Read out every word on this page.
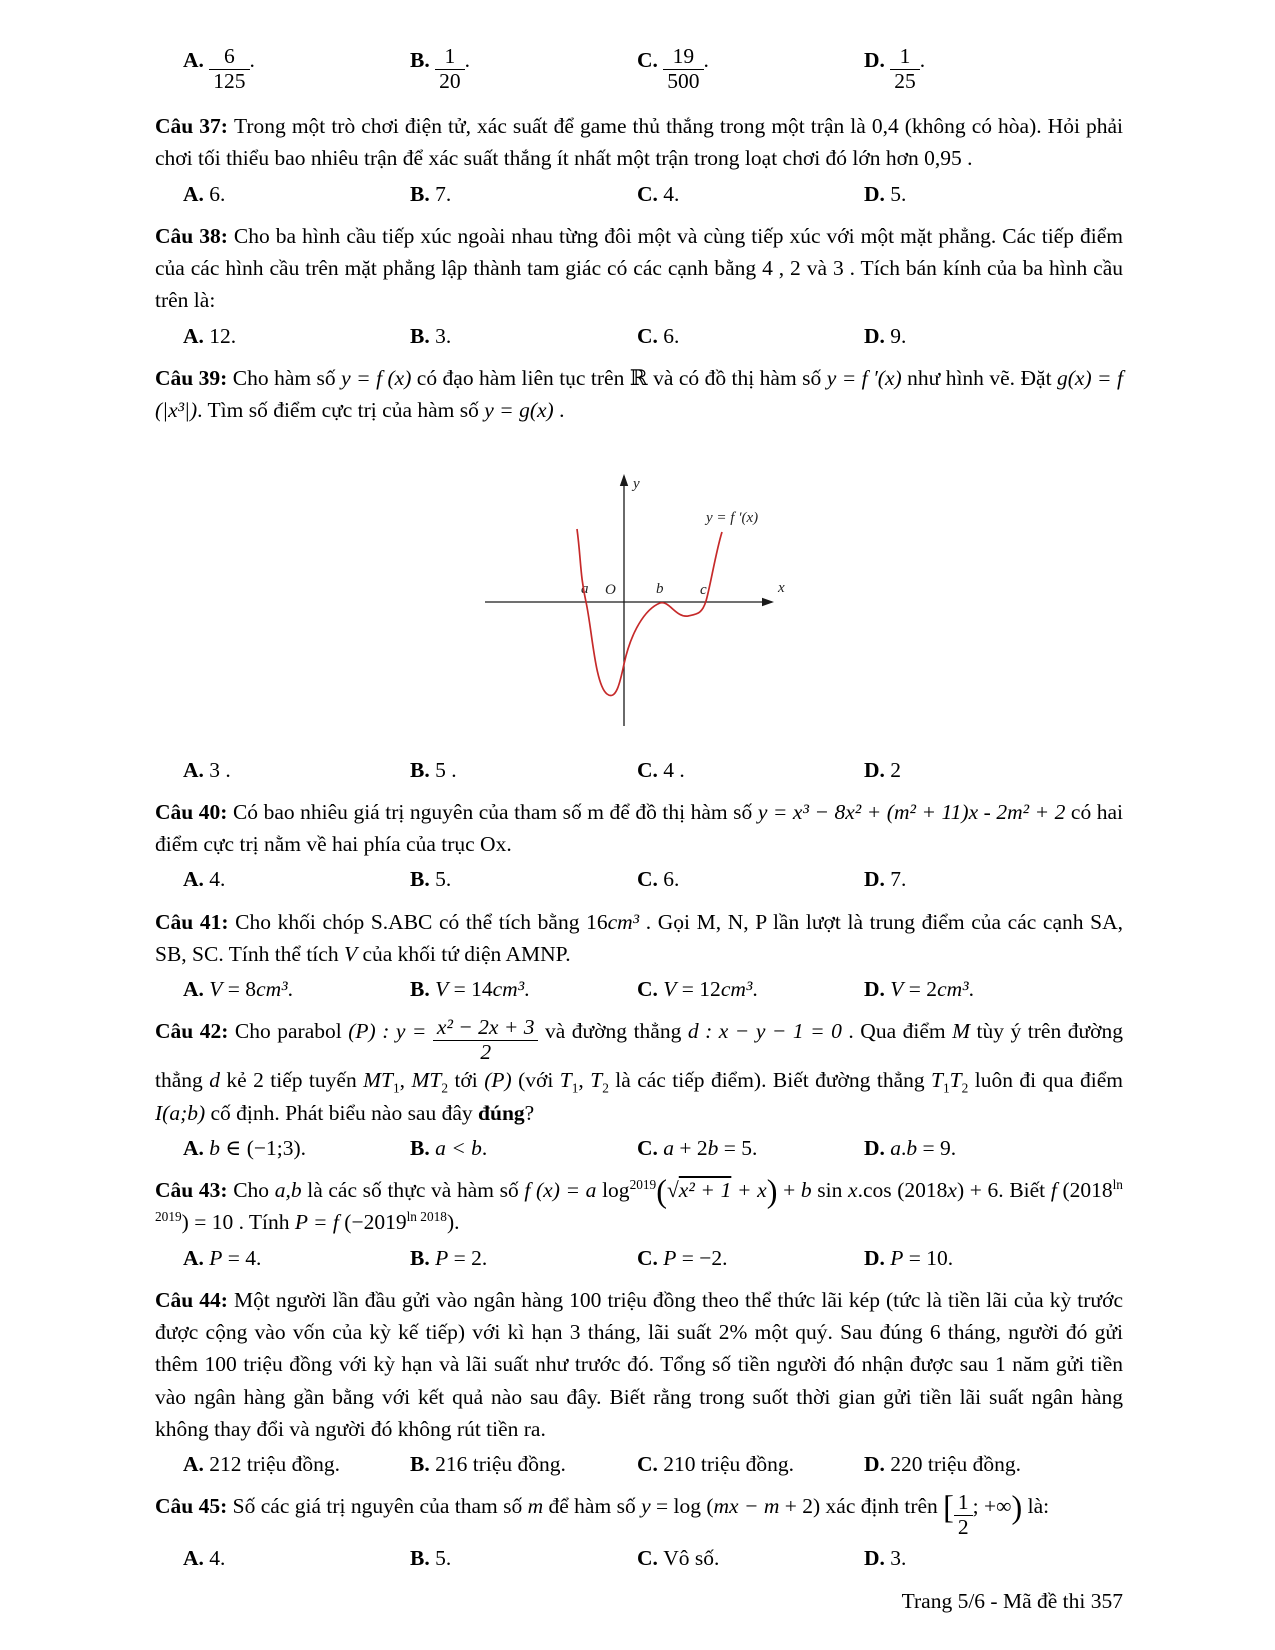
A. $\frac{6}{125}$ .	B. $\frac{1}{20}$ .	C. $\frac{19}{500}$ .	D. $\frac{1}{25}$ .

Câu 37: Trong một trò chơi điện tử, xác suất để game thủ thắng trong một trận là 0,4 (không có hòa). Hỏi phải chơi tối thiểu bao nhiêu trận để xác suất thắng ít nhất một trận trong loạt chơi đó lớn hơn 0,95 .

A. 6.	B. 7.	C. 4.	D. 5.

Câu 38: Cho ba hình cầu tiếp xúc ngoài nhau từng đôi một và cùng tiếp xúc với một mặt phẳng. Các tiếp điểm của các hình cầu trên mặt phẳng lập thành tam giác có các cạnh bằng 4 , 2 và 3 . Tích bán kính của ba hình cầu trên là:

A. 12.	B. 3.	C. 6.	D. 9.

Câu 39: Cho hàm số y = f (x) có đạo hàm liên tục trên ℝ và có đồ thị hàm số y = f ′(x) như hình vẽ. Đặt g(x) = f (|x³|). Tìm số điểm cực trị của hàm số y = g(x) .

x
y
O
a	b c
y = f ′(x)
A. 3 .	B. 5 .	C. 4 .	D. 2

Câu 40: Có bao nhiêu giá trị nguyên của tham số m để đồ thị hàm số y = x³ − 8x² + (m² + 11)x - 2m² + 2 có hai điểm cực trị nằm về hai phía của trục Ox.

A. 4.	B. 5.	C. 6.	D. 7.

Câu 41: Cho khối chóp S.ABC có thể tích bằng 16cm³ . Gọi M, N, P lần lượt là trung điểm của các cạnh SA, SB, SC. Tính thể tích V của khối tứ diện AMNP.

A. V = 8cm³.	B. V = 14cm³.	C. V = 12cm³.	D. V = 2cm³.

Câu 42: Cho parabol (P) : $y = \frac{\text{x² − 2x + 3}}{2}$ và đường thẳng d : x − y − 1 = 0 . Qua điểm M tùy ý trên đường thẳng d kẻ 2 tiếp tuyến $MT_1$, $MT_2$ tới (P) (với $T_1$, $T_2$ là các tiếp điểm). Biết đường thẳng $T_1T_2$ luôn đi qua điểm I(a;b) cố định. Phát biểu nào sau đây đúng?

A. b ∈ (−1;3).	B. a < b.	C. a + 2b = 5.	D. a.b = 9.

Câu 43: Cho a,b là các số thực và hàm số f (x) = a $\log^{2019}(√x^2 + 1 + x) + b$ sin x.cos (2018x) + 6. Biết f $(2018^{ln 2019}) = 10$ . Tính P = f $(-2019^{ln 2018})$.

A. P = 4.	B. P = 2.	C. P = −2.	D. P = 10.

Câu 44: Một người lần đầu gửi vào ngân hàng 100 triệu đồng theo thể thức lãi kép (tức là tiền lãi của kỳ trước được cộng vào vốn của kỳ kế tiếp) với kì hạn 3 tháng, lãi suất 2% một quý. Sau đúng 6 tháng, người đó gửi thêm 100 triệu đồng với kỳ hạn và lãi suất như trước đó. Tổng số tiền người đó nhận được sau 1 năm gửi tiền vào ngân hàng gần bằng với kết quả nào sau đây. Biết rằng trong suốt thời gian gửi tiền lãi suất ngân hàng không thay đổi và người đó không rút tiền ra.

A. 212 triệu đồng.	B. 216 triệu đồng.	C. 210 triệu đồng.	D. 220 triệu đồng.

Câu 45: Số các giá trị nguyên của tham số m để hàm số y = log (mx − m + 2) xác định trên [ $\frac{1}{2}$ ; +∞) là:

A. 4.	B. 5.	C. Vô số.	D. 3.
Trang 5/6 - Mã đề thi 357
